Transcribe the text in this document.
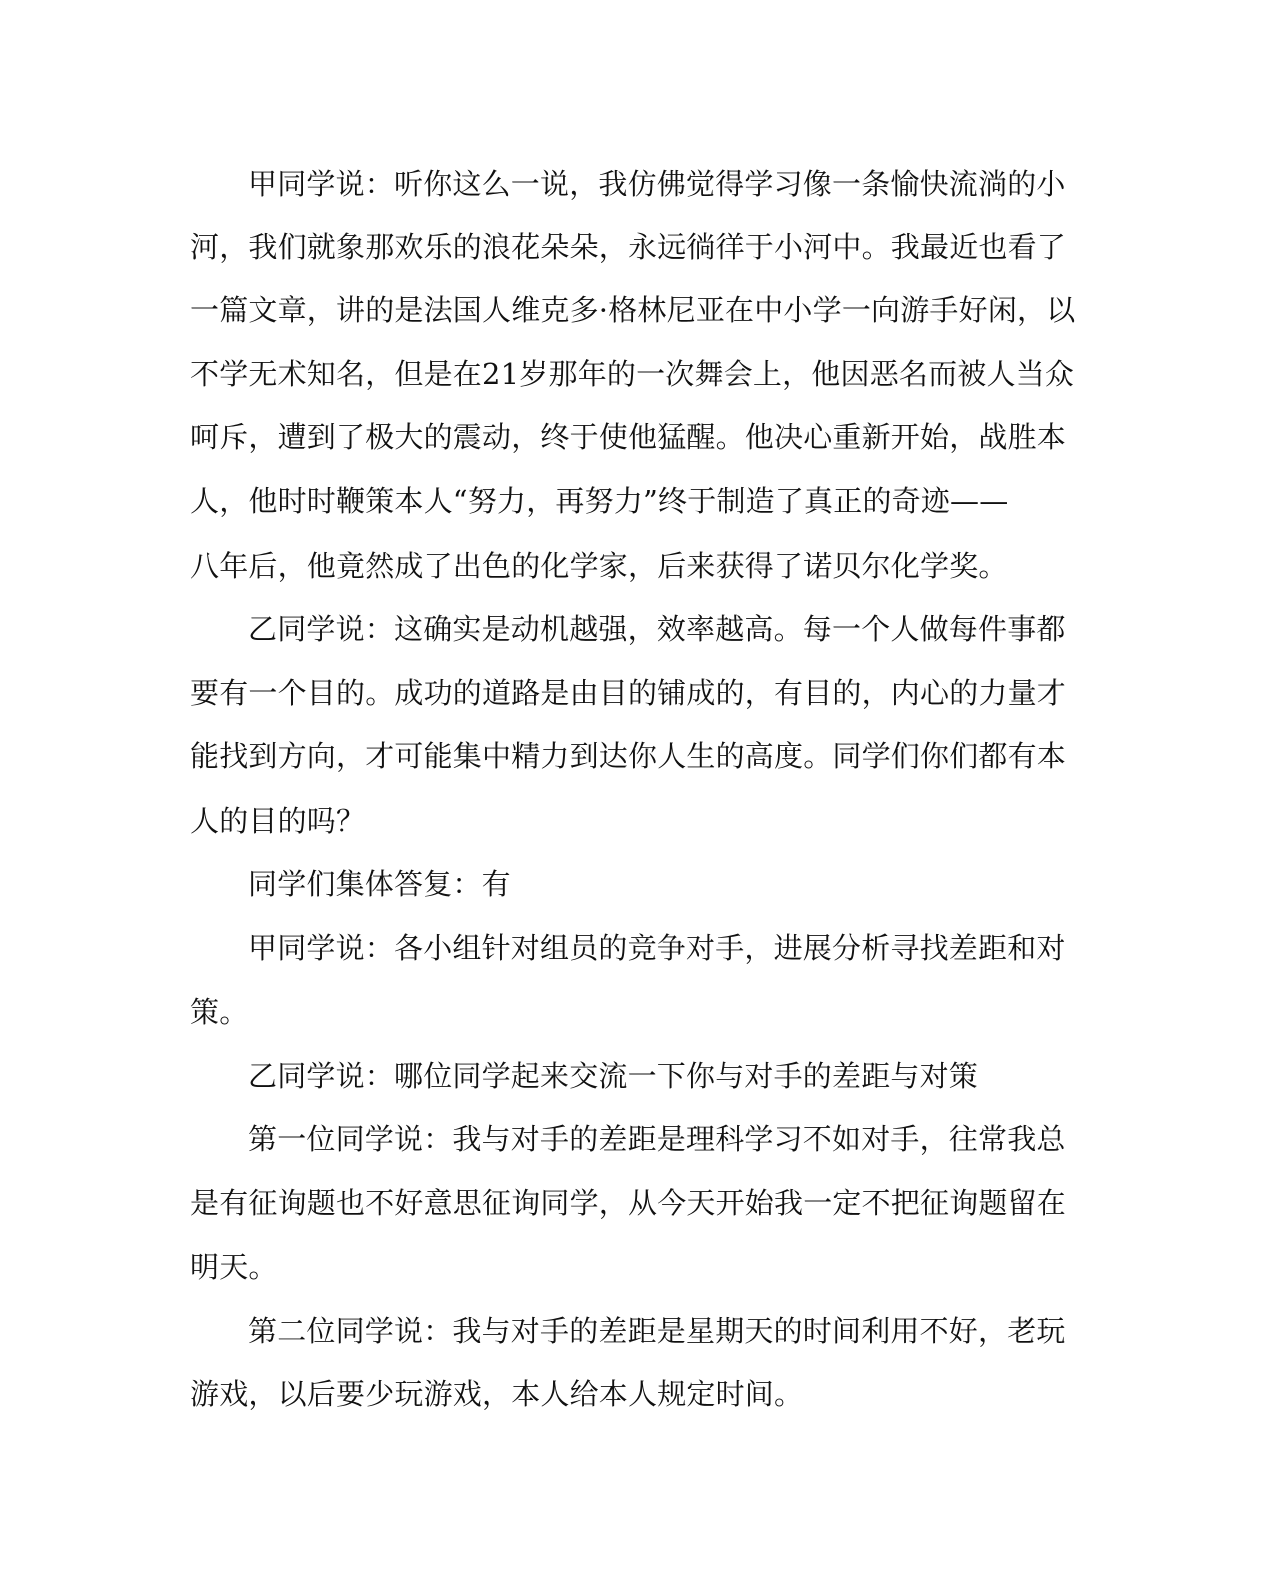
甲同学说：听你这么一说，我仿佛觉得学习像一条愉快流淌的小

河，我们就象那欢乐的浪花朵朵，永远徜徉于小河中。我最近也看了

一篇文章，讲的是法国人维克多·格林尼亚在中小学一向游手好闲，以

不学无术知名，但是在21岁那年的一次舞会上，他因恶名而被人当众

呵斥，遭到了极大的震动，终于使他猛醒。他决心重新开始，战胜本

人，他时时鞭策本人“努力，再努力”终于制造了真正的奇迹——

八年后，他竟然成了出色的化学家，后来获得了诺贝尔化学奖。

乙同学说：这确实是动机越强，效率越高。每一个人做每件事都

要有一个目的。成功的道路是由目的铺成的，有目的，内心的力量才

能找到方向，才可能集中精力到达你人生的高度。同学们你们都有本

人的目的吗？

同学们集体答复：有

甲同学说：各小组针对组员的竞争对手，进展分析寻找差距和对

策。

乙同学说：哪位同学起来交流一下你与对手的差距与对策

第一位同学说：我与对手的差距是理科学习不如对手，往常我总

是有征询题也不好意思征询同学，从今天开始我一定不把征询题留在

明天。

第二位同学说：我与对手的差距是星期天的时间利用不好，老玩

游戏，以后要少玩游戏，本人给本人规定时间。
